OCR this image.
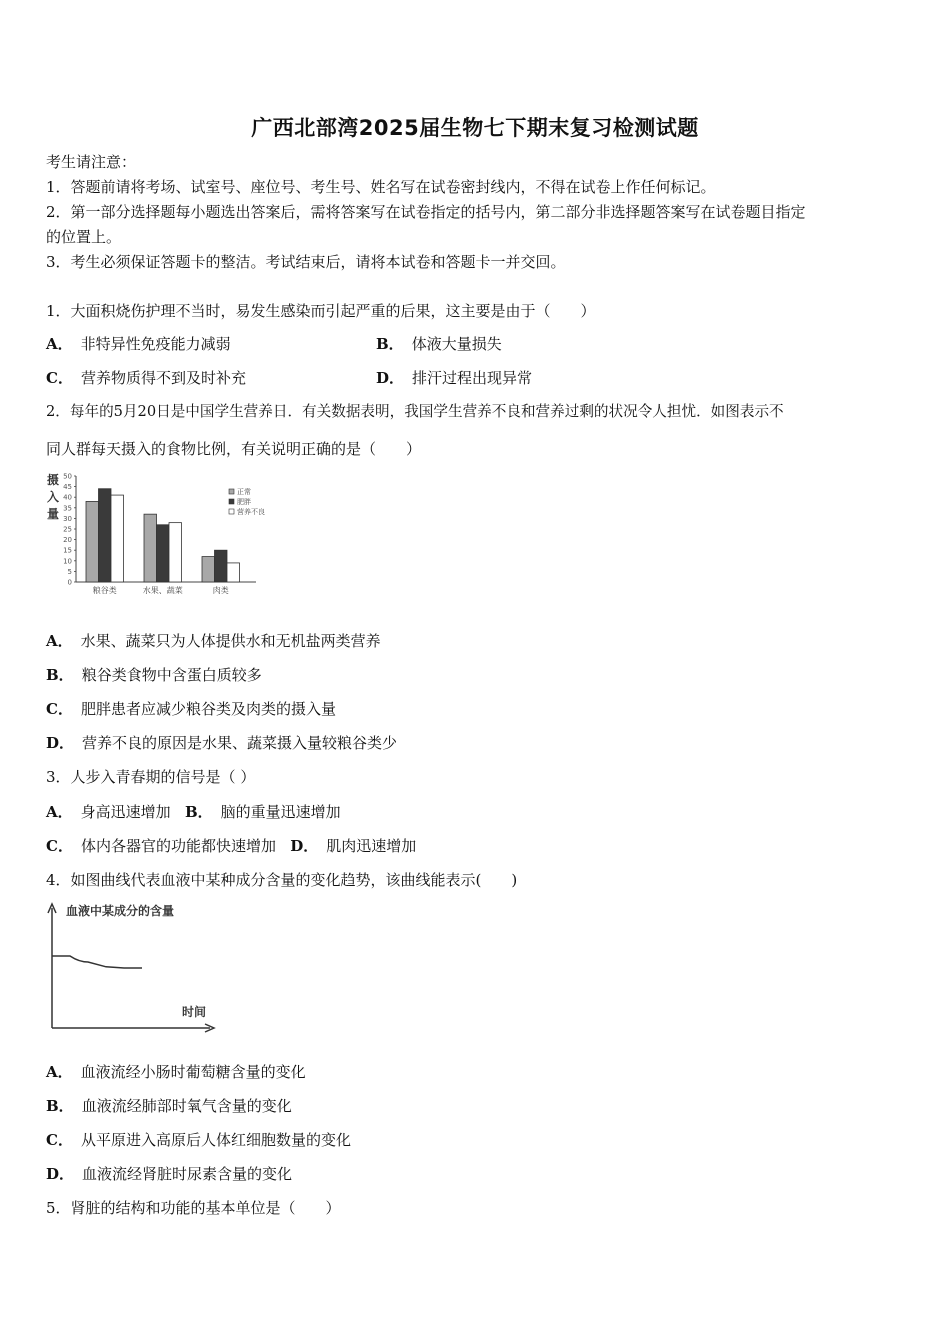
广西北部湾2025届生物七下期末复习检测试题
考生请注意：
1．答题前请将考场、试室号、座位号、考生号、姓名写在试卷密封线内，不得在试卷上作任何标记。
2．第一部分选择题每小题选出答案后，需将答案写在试卷指定的括号内，第二部分非选择题答案写在试卷题目指定
的位置上。
3．考生必须保证答题卡的整洁。考试结束后，请将本试卷和答题卡一并交回。
1．大面积烧伤护理不当时，易发生感染而引起严重的后果，这主要是由于（　　）
A． 非特异性免疫能力减弱	B． 体液大量损失
C． 营养物质得不到及时补充	D． 排汗过程出现异常
2．每年的5月20日是中国学生营养日．有关数据表明，我国学生营养不良和营养过剩的状况令人担忧．如图表示不
同人群每天摄入的食物比例，有关说明正确的是（　　）
0
5
10
15
20
25
30
35
40
45
50
摄
入
量
粮谷类	水果、蔬菜	肉类
正常
肥胖
营养不良
A． 水果、蔬菜只为人体提供水和无机盐两类营养
B． 粮谷类食物中含蛋白质较多
C． 肥胖患者应减少粮谷类及肉类的摄入量
D． 营养不良的原因是水果、蔬菜摄入量较粮谷类少
3．人步入青春期的信号是（ ）
A． 身高迅速增加 B． 脑的重量迅速增加
C． 体内各器官的功能都快速增加 D． 肌肉迅速增加
4．如图曲线代表血液中某种成分含量的变化趋势，该曲线能表示(　　)
血液中某成分的含量
时间
A． 血液流经小肠时葡萄糖含量的变化
B． 血液流经肺部时氧气含量的变化
C． 从平原进入高原后人体红细胞数量的变化
D． 血液流经肾脏时尿素含量的变化
5．肾脏的结构和功能的基本单位是（　　）
